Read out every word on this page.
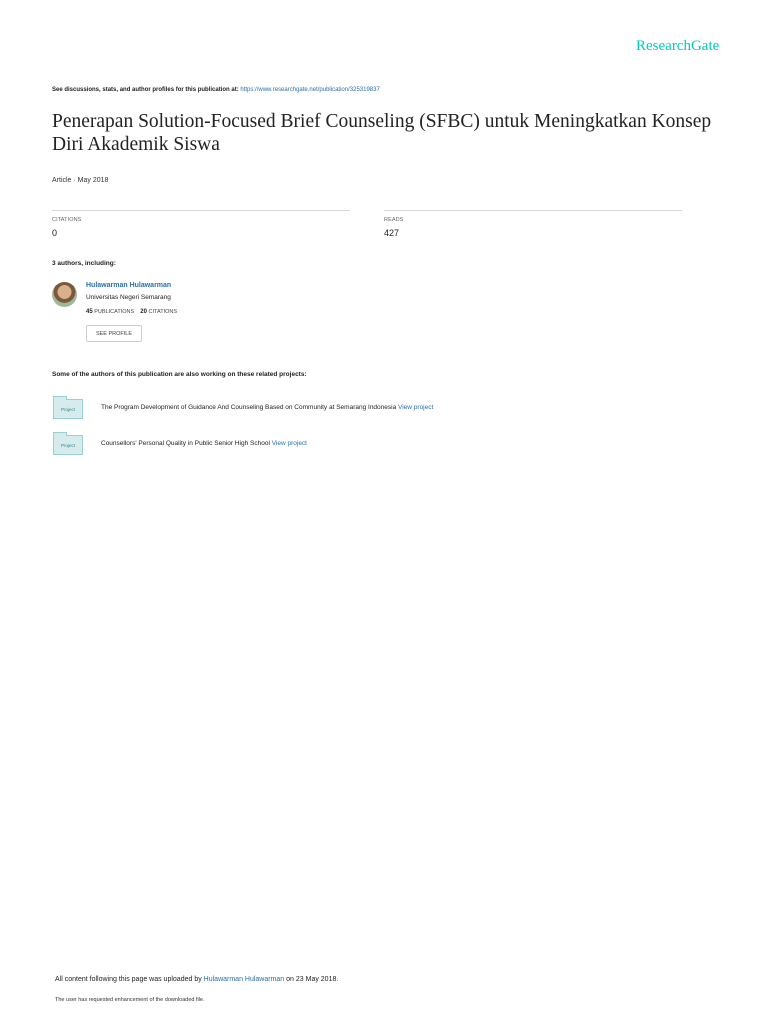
ResearchGate
See discussions, stats, and author profiles for this publication at: https://www.researchgate.net/publication/325319837
Penerapan Solution-Focused Brief Counseling (SFBC) untuk Meningkatkan Konsep Diri Akademik Siswa
Article · May 2018
CITATIONS
0
READS
427
3 authors, including:
Hulawarman Hulawarman
Universitas Negeri Semarang
45 PUBLICATIONS 20 CITATIONS
SEE PROFILE
Some of the authors of this publication are also working on these related projects:
Project	The Program Development of Guidance And Counseling Based on Community at Semarang Indonesia View project
Project	Counsellors' Personal Quality in Public Senior High School View project
All content following this page was uploaded by Hulawarman Hulawarman on 23 May 2018.
The user has requested enhancement of the downloaded file.
